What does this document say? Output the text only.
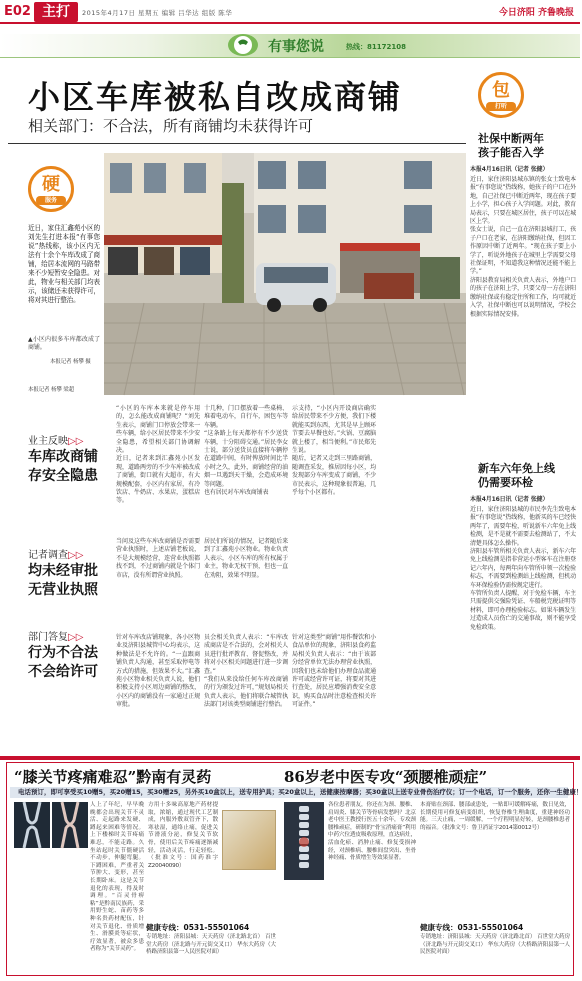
E02 主打	2015年4月17日 星期五 编辑 吕华达 组版 陈华	今日济阳 齐鲁晚报
有事您说	热线：81172108
小区车库被私自改成商铺
相关部门：不合法，所有商铺均未获得许可
包
打听
硬
服务
近日，家住汇鑫苑小区的刘先生打进本报“有事您说”热线称，该小区内无法有十余个车库改成了商铺，给居本流网的马路带来不少短暂安全隐患。对此，物业与相关部门均表示，该储还未获得许可，将对其进行整治。
▲小区内很多车库都改成了商铺。
本报记者 杨攀 摄
本报记者 杨攀 梁超
社保中断两年
孩子能否入学
本报4月16日讯（记者 张健）
近日，家住济阳县城东镇的张女士致电本报“有事您说”热线称，她孩子的户口在外地，自己社保已中断近两年，现在孩子要上小学，担心孩子入学问题。对此，教育局表示，只要在城区居住，孩子可以在城区上学。
张女士说，自己一直在济阳县城打工，孩子户口在老家，在济阳缴纳社保，但因工作原因中断了近两年。“现在孩子要上小学了，听说外地孩子在城里上学需要父母社保证明，不知道我这种情况还能不能上学。”
济阳县教育局相关负责人表示，外地户口的孩子在济阳上学，只要父母一方在济阳缴纳社保或有稳定住所和工作，均可就近入学，社保中断也可以说明情况，学校会根据实际情况安排。
新车六年免上线
仍需要环检
本报4月16日讯（记者 张健）
近日，家住济阳县城的市民李先生致电本报“有事您说”热线称，他新买的车已经快两年了，需要年检，听说新车六年免上线检测，是不是就不需要去检测站了，不太清楚具体怎么操作。
济阳县车管所相关负责人表示，新车六年免上线检测是指非营运小型客车在注册登记六年内，每两年向车管所申领一次检验标志，不需要到检测站上线检测，但机动车环保检验仍需按规定进行。
车管所负责人提醒，对于免检车辆，车主只需提供交强险凭证、车船税完税证明等材料，即可办理检验标志。如果车辆发生过造成人员伤亡的交通事故，则不能享受免检政策。
业主反映▷▷
车库改商铺
存安全隐患
记者调查▷▷
均未经审批
无营业执照
部门答复▷▷
行为不合法
不会给许可
“小区的车库本来就是停车用的，怎么能改成商铺呢？”刘先生表示，商铺门口停放会带来一些车辆，给小区居民带来不少安全隐患，希望相关部门协调解决。
近日，记者来到汇鑫苑小区发现，道路两旁的不少车库被改成了商铺，街口就有大超市，有大规模配套，小区内有家居，有冷饮店、牛奶店、水果店，蛋糕店等。
十几种，门口摆放着一些桌椅、堆着电动车，自行车，困包车等车辆。
“这条路上每天都停有不少送货车辆，十分阻碍交通。”居民李女士说，部分送货员直接将车辆停在道路中间，有时俾放时间比半小时之久，此外，商铺经营的油烟一旦遇到天干燥，会造成环境等问题。
也有居民对车库改商铺表
示支持，“小区内开设商店确实给居民带来不少方便，我们下楼就能买到东西，尤其是早上顾环节要去早餐也好。”火锅、豆腐脑就上楼了，相当便利。”市民郑先生说。
随后，记者又走到三里路商铺，随调查采发，推居因每小区，均发现部分车库变成了商铺，不少市民表示，这种现象很普遍，几乎每个小区都有。
当问及这些车库改商铺是否需要营业执照时，上述店铺老板说，不是大规模经营，连营业执照都找不到，不过商铺内就是个体门市店，没有所谓营业执照。
居民们所说的情况，记者随后来到了汇鑫苑小区物业。物业负责人表示，小区车库的所有权属于业主，物业无权干预，但也一直在劝阻，效果不明显。
针对车库改店铺现象，各小区物业及济阳县城管中心均表示，这种做法是不允许的。“一直跟商铺负责人沟通，甚至采取停电等方式的措施，但效果不大。”汇鑫苑小区物业相关负责人说，他们积极支持小区周边商铺的整改，小区内的商铺没有一家通过正规审批。
员会相关负责人表示：“车库改成商店是不合法的，会对相关人员进行批评教育、督促整改，并将对小区相关问题进行进一步调查。”
“我们从来没给任何车库改商铺的行为颁发过许可，”规划局相关负责人表示，他们将联合城管执法部门对该类型商铺进行整治。
针对这类型“商铺”用作餐饮和小食品单位的现象，济阳县食药监局相关负责人表示：“由于该部分经营单位无法办理营业执照，因我们也未给他们办理食品流通许可或经营许可证，将要对其进行查处，居民应增强消费安全意识，购买食品时注意检查相关许可证件。”
“膝关节疼痛难忍”黔南有灵药	86岁老中医专攻“颈腰椎顽症”
电话预订，即可享受买10赠5，买20赠15，买30赠25，另外买10盒以上，送专用护具；买20盒以上，送健康按摩器；买30盒以上送专业骨伤治疗仪；订一个电话，订一个服务，还你一生健康！
人上了年纪，早早晚晚都会出现关节不灵活、走起路来发硬、蹲起来困难等情况。上下楼梯时关节疼痛难忍，不能走路。久坐站起时关节僵硬活不动步，伸腿弯腿。下蹲困难，严重者关节肿大、变形，甚至长期卧床。这是关节退化的表现，得及时调理。“百灵骨痹粘”是黔南民族药，采用野生蛇、苗药等多种名贵药材配伍，针对关节退化、骨质增生、滑膜炎等症状，疗效显著，被众多患者称为“关节灵药”。
方用十多味高原地产药材提取，浓缩，通过现代工艺制成，内服外敷双管齐下，散寒祛湿，通络止痛，促进关节滑液分泌，修复关节软骨，使用后关节疼痛逐渐减轻，活动灵活，行走轻松。（批准文号：国药准字Z20040090）
各位患者朋友，你还在为颈、腰椎、肩周炎、膝关节等骨病发愁吗？北京老中医王教授行医五十余年，专攻颈腰椎顽症，研制的“骨宝消痛膏”利用中药穴位透皮吸收原理，直达病灶，活血化瘀、消肿止痛、修复受损神经，对颈椎病、腰椎间盘突出、坐骨神经痛、骨质增生等效果显著。
本膏贴在颈部、腰部或患处，一贴即可缓解疼痛，数日见效，长期使用可修复病变组织，恢复脊椎生理曲度，重建神经功能。三天止痛，一周缓解，一个疗程明显好转，是颈腰椎患者的福音。（批准文号：鲁卫消证字2014第0012号）
健康专线：0531-55501064
专销地址：济阳县城：天天药房（济北路北首） 百世堂大药房（济北路与开元街交叉口） 华东大药房（大桥路济阳县第一人民医院对面）
健康专线：0531-55501064
专销地址：济阳县城：天天药房（济北路北首） 百世堂大药房（济北路与开元街交叉口） 华东大药房（大桥路济阳县第一人民医院对面）
